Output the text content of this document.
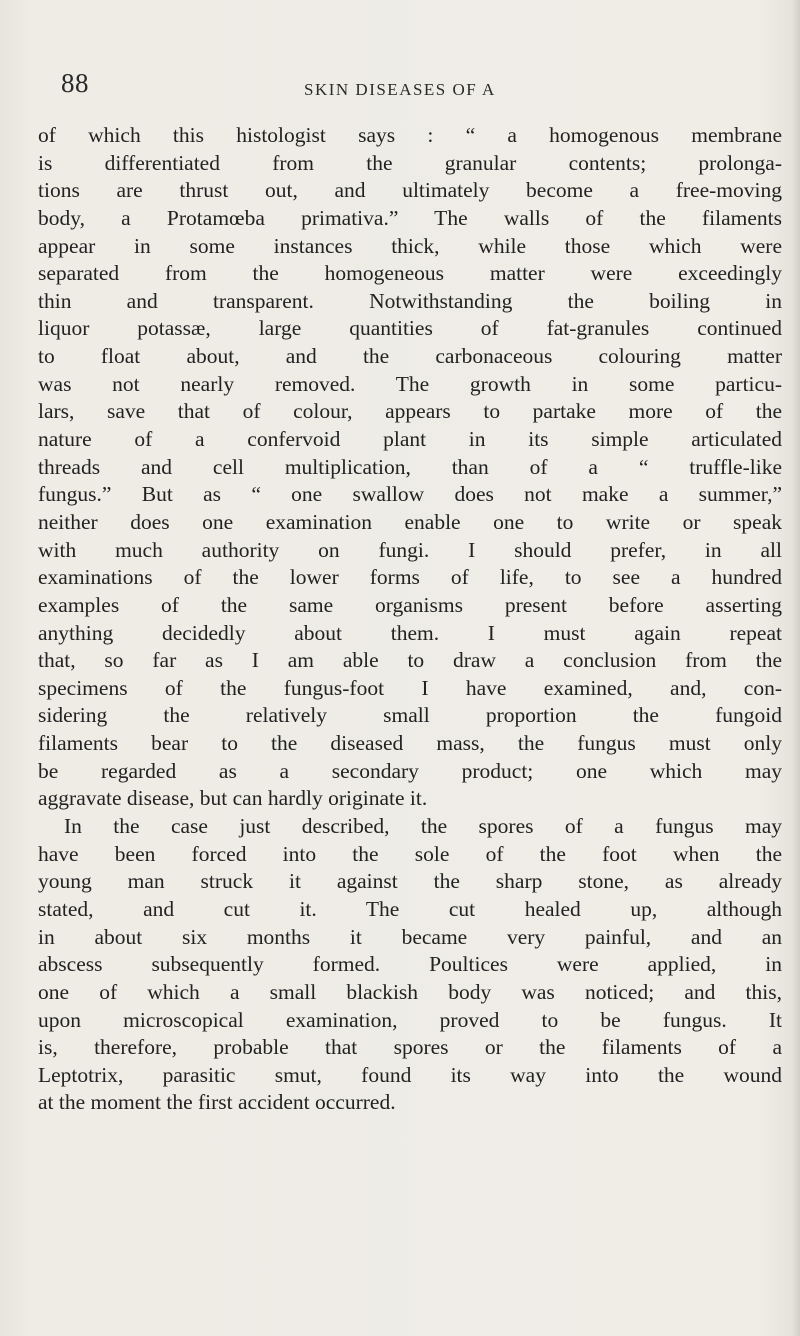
88	SKIN DISEASES OF A
of which this histologist says : “ a homogenous membrane
is differentiated from the granular contents; prolonga-
tions are thrust out, and ultimately become a free-moving
body, a Protamœba primativa.” The walls of the filaments
appear in some instances thick, while those which were
separated from the homogeneous matter were exceedingly
thin and transparent. Notwithstanding the boiling in
liquor potassæ, large quantities of fat-granules continued
to float about, and the carbonaceous colouring matter
was not nearly removed. The growth in some particu-
lars, save that of colour, appears to partake more of the
nature of a confervoid plant in its simple articulated
threads and cell multiplication, than of a “ truffle-like
fungus.” But as “ one swallow does not make a summer,”
neither does one examination enable one to write or speak
with much authority on fungi. I should prefer, in all
examinations of the lower forms of life, to see a hundred
examples of the same organisms present before asserting
anything decidedly about them. I must again repeat
that, so far as I am able to draw a conclusion from the
specimens of the fungus-foot I have examined, and, con-
sidering the relatively small proportion the fungoid
filaments bear to the diseased mass, the fungus must only
be regarded as a secondary product; one which may
aggravate disease, but can hardly originate it.
In the case just described, the spores of a fungus may
have been forced into the sole of the foot when the
young man struck it against the sharp stone, as already
stated, and cut it. The cut healed up, although
in about six months it became very painful, and an
abscess subsequently formed. Poultices were applied, in
one of which a small blackish body was noticed; and this,
upon microscopical examination, proved to be fungus. It
is, therefore, probable that spores or the filaments of a
Leptotrix, parasitic smut, found its way into the wound
at the moment the first accident occurred.
